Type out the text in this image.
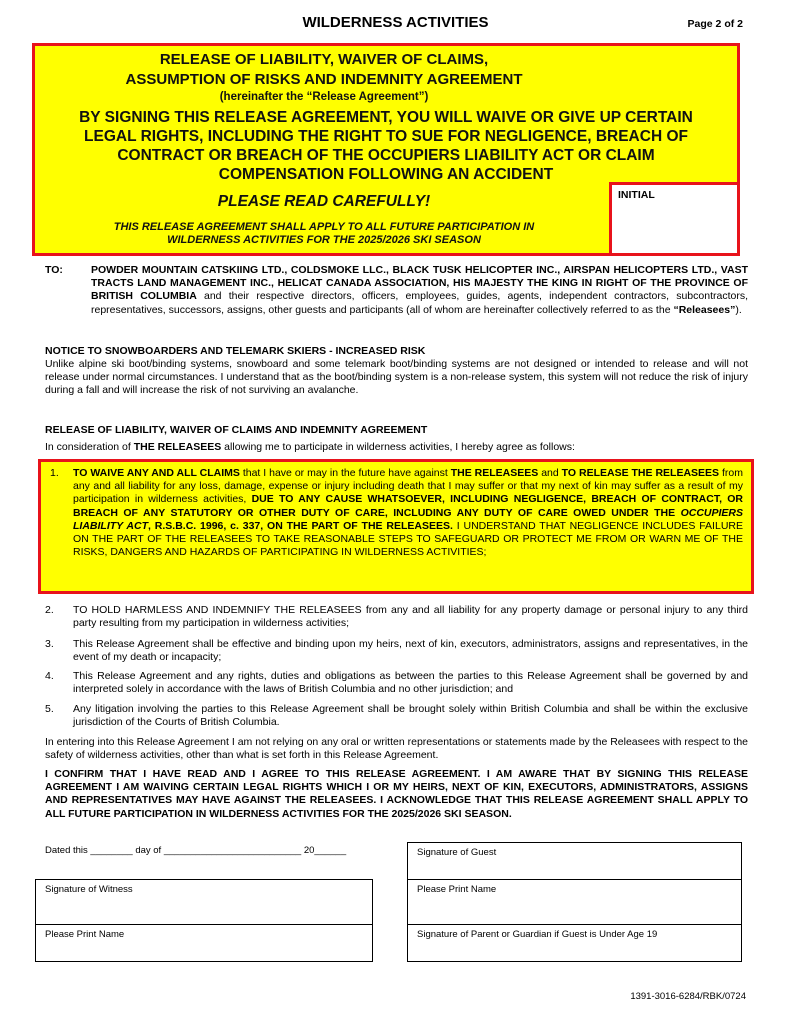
WILDERNESS ACTIVITIES	Page 2 of 2
RELEASE OF LIABILITY, WAIVER OF CLAIMS,
ASSUMPTION OF RISKS AND INDEMNITY AGREEMENT
(hereinafter the “Release Agreement”)
BY SIGNING THIS RELEASE AGREEMENT, YOU WILL WAIVE OR GIVE UP CERTAIN
LEGAL RIGHTS, INCLUDING THE RIGHT TO SUE FOR NEGLIGENCE, BREACH OF
CONTRACT OR BREACH OF THE OCCUPIERS LIABILITY ACT OR CLAIM
COMPENSATION FOLLOWING AN ACCIDENT
PLEASE READ CAREFULLY!
THIS RELEASE AGREEMENT SHALL APPLY TO ALL FUTURE PARTICIPATION IN
WILDERNESS ACTIVITIES FOR THE 2025/2026 SKI SEASON
INITIAL
TO:	POWDER MOUNTAIN CATSKIING LTD., COLDSMOKE LLC., BLACK TUSK HELICOPTER INC., AIRSPAN HELICOPTERS LTD., VAST TRACTS LAND MANAGEMENT INC., HELICAT CANADA ASSOCIATION, HIS MAJESTY THE KING IN RIGHT OF THE PROVINCE OF BRITISH COLUMBIA and their respective directors, officers, employees, guides, agents, independent contractors, subcontractors, representatives, successors, assigns, other guests and participants (all of whom are hereinafter collectively referred to as the “Releasees”).
NOTICE TO SNOWBOARDERS AND TELEMARK SKIERS - INCREASED RISK
Unlike alpine ski boot/binding systems, snowboard and some telemark boot/binding systems are not designed or intended to release and will not release under normal circumstances. I understand that as the boot/binding system is a non-release system, this system will not reduce the risk of injury during a fall and will increase the risk of not surviving an avalanche.
RELEASE OF LIABILITY, WAIVER OF CLAIMS AND INDEMNITY AGREEMENT
In consideration of THE RELEASEES allowing me to participate in wilderness activities, I hereby agree as follows:
1. TO WAIVE ANY AND ALL CLAIMS that I have or may in the future have against THE RELEASEES and TO RELEASE THE RELEASEES from any and all liability for any loss, damage, expense or injury including death that I may suffer or that my next of kin may suffer as a result of my participation in wilderness activities, DUE TO ANY CAUSE WHATSOEVER, INCLUDING NEGLIGENCE, BREACH OF CONTRACT, OR BREACH OF ANY STATUTORY OR OTHER DUTY OF CARE, INCLUDING ANY DUTY OF CARE OWED UNDER THE OCCUPIERS LIABILITY ACT, R.S.B.C. 1996, c. 337, ON THE PART OF THE RELEASEES. I UNDERSTAND THAT NEGLIGENCE INCLUDES FAILURE ON THE PART OF THE RELEASEES TO TAKE REASONABLE STEPS TO SAFEGUARD OR PROTECT ME FROM OR WARN ME OF THE RISKS, DANGERS AND HAZARDS OF PARTICIPATING IN WILDERNESS ACTIVITIES;
2. TO HOLD HARMLESS AND INDEMNIFY THE RELEASEES from any and all liability for any property damage or personal injury to any third party resulting from my participation in wilderness activities;
3. This Release Agreement shall be effective and binding upon my heirs, next of kin, executors, administrators, assigns and representatives, in the event of my death or incapacity;
4. This Release Agreement and any rights, duties and obligations as between the parties to this Release Agreement shall be governed by and interpreted solely in accordance with the laws of British Columbia and no other jurisdiction; and
5. Any litigation involving the parties to this Release Agreement shall be brought solely within British Columbia and shall be within the exclusive jurisdiction of the Courts of British Columbia.
In entering into this Release Agreement I am not relying on any oral or written representations or statements made by the Releasees with respect to the safety of wilderness activities, other than what is set forth in this Release Agreement.
I CONFIRM THAT I HAVE READ AND I AGREE TO THIS RELEASE AGREEMENT. I AM AWARE THAT BY SIGNING THIS RELEASE AGREEMENT I AM WAIVING CERTAIN LEGAL RIGHTS WHICH I OR MY HEIRS, NEXT OF KIN, EXECUTORS, ADMINISTRATORS, ASSIGNS AND REPRESENTATIVES MAY HAVE AGAINST THE RELEASEES. I ACKNOWLEDGE THAT THIS RELEASE AGREEMENT SHALL APPLY TO ALL FUTURE PARTICIPATION IN WILDERNESS ACTIVITIES FOR THE 2025/2026 SKI SEASON.
Dated this ________ day of __________________________ 20______	Signature of Guest
Please Print Name
Signature of Parent or Guardian if Guest is Under Age 19
Signature of Witness
Please Print Name
1391-3016-6284/RBK/0724
